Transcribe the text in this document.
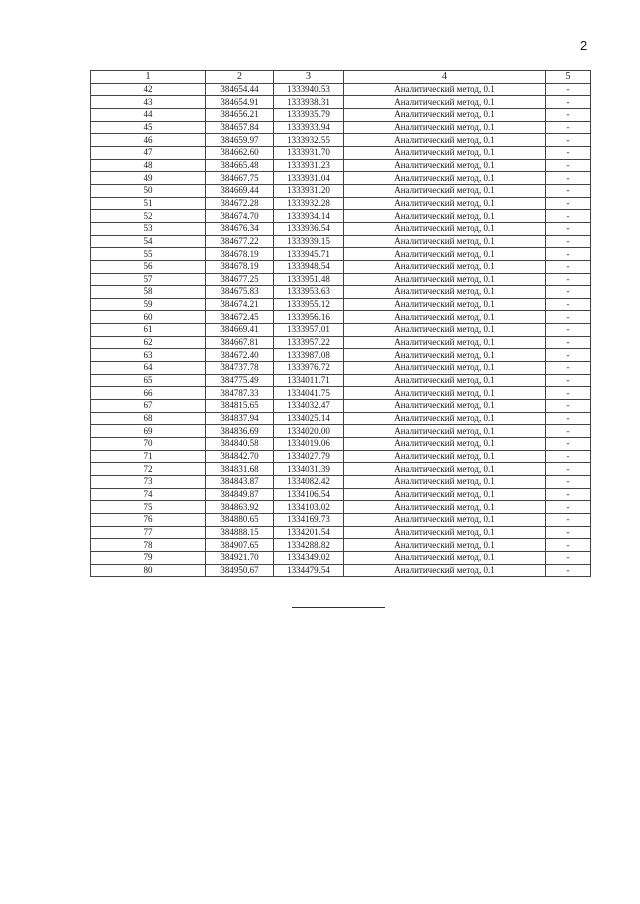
2
1	2	3	4	5
42	384654.44	1333940.53	Аналитический метод, 0.1	-
43	384654.91	1333938.31	Аналитический метод, 0.1	-
44	384656.21	1333935.79	Аналитический метод, 0.1	-
45	384657.84	1333933.94	Аналитический метод, 0.1	-
46	384659.97	1333932.55	Аналитический метод, 0.1	-
47	384662.60	1333931.70	Аналитический метод, 0.1	-
48	384665.48	1333931.23	Аналитический метод, 0.1	-
49	384667.75	1333931.04	Аналитический метод, 0.1	-
50	384669.44	1333931.20	Аналитический метод, 0.1	-
51	384672.28	1333932.28	Аналитический метод, 0.1	-
52	384674.70	1333934.14	Аналитический метод, 0.1	-
53	384676.34	1333936.54	Аналитический метод, 0.1	-
54	384677.22	1333939.15	Аналитический метод, 0.1	-
55	384678.19	1333945.71	Аналитический метод, 0.1	-
56	384678.19	1333948.54	Аналитический метод, 0.1	-
57	384677.25	1333951.48	Аналитический метод, 0.1	-
58	384675.83	1333953.63	Аналитический метод, 0.1	-
59	384674.21	1333955.12	Аналитический метод, 0.1	-
60	384672.45	1333956.16	Аналитический метод, 0.1	-
61	384669.41	1333957.01	Аналитический метод, 0.1	-
62	384667.81	1333957.22	Аналитический метод, 0.1	-
63	384672.40	1333987.08	Аналитический метод, 0.1	-
64	384737.78	1333976.72	Аналитический метод, 0.1	-
65	384775.49	1334011.71	Аналитический метод, 0.1	-
66	384787.33	1334041.75	Аналитический метод, 0.1	-
67	384815.65	1334032.47	Аналитический метод, 0.1	-
68	384837.94	1334025.14	Аналитический метод, 0.1	-
69	384836.69	1334020.00	Аналитический метод, 0.1	-
70	384840.58	1334019.06	Аналитический метод, 0.1	-
71	384842.70	1334027.79	Аналитический метод, 0.1	-
72	384831.68	1334031.39	Аналитический метод, 0.1	-
73	384843.87	1334082.42	Аналитический метод, 0.1	-
74	384849.87	1334106.54	Аналитический метод, 0.1	-
75	384863.92	1334103.02	Аналитический метод, 0.1	-
76	384880.65	1334169.73	Аналитический метод, 0.1	-
77	384888.15	1334201.54	Аналитический метод, 0.1	-
78	384907.65	1334288.82	Аналитический метод, 0.1	-
79	384921.70	1334349.02	Аналитический метод, 0.1	-
80	384950.67	1334479.54	Аналитический метод, 0.1	-
